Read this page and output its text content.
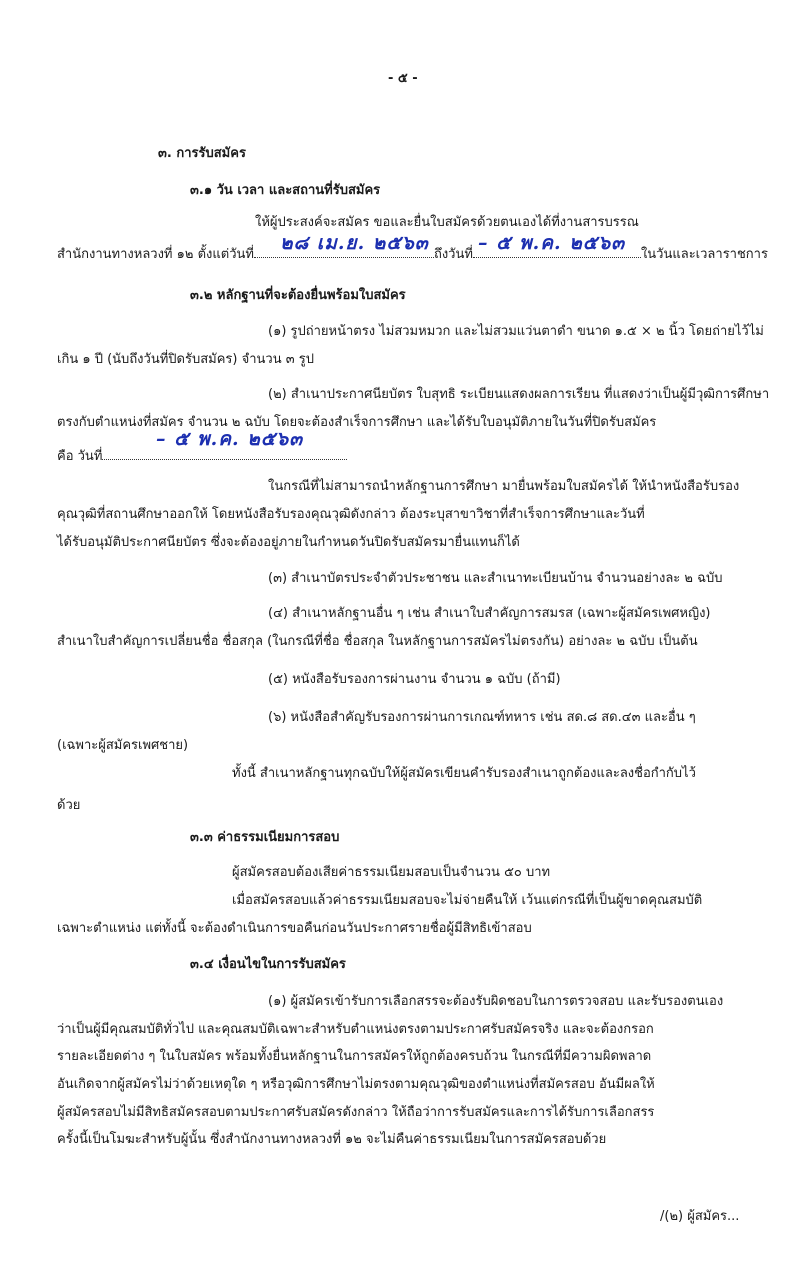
- ๕ -
๓. การรับสมัคร
๓.๑ วัน เวลา และสถานที่รับสมัคร
ให้ผู้ประสงค์จะสมัคร ขอและยื่นใบสมัครด้วยตนเองได้ที่งานสารบรรณ
สำนักงานทางหลวงที่ ๑๒ ตั้งแต่วันที่	ถึงวันที่	ในวันและเวลาราชการ
๒๘ เม.ย. ๒๕๖๓	– ๕ พ.ค. ๒๕๖๓
๓.๒ หลักฐานที่จะต้องยื่นพร้อมใบสมัคร
(๑) รูปถ่ายหน้าตรง ไม่สวมหมวก และไม่สวมแว่นตาดำ ขนาด ๑.๕ × ๒ นิ้ว โดยถ่ายไว้ไม่
เกิน ๑ ปี (นับถึงวันที่ปิดรับสมัคร) จำนวน ๓ รูป
(๒) สำเนาประกาศนียบัตร ใบสุทธิ ระเบียนแสดงผลการเรียน ที่แสดงว่าเป็นผู้มีวุฒิการศึกษา
ตรงกับตำแหน่งที่สมัคร จำนวน ๒ ฉบับ โดยจะต้องสำเร็จการศึกษา และได้รับใบอนุมัติภายในวันที่ปิดรับสมัคร
คือ วันที่
– ๕ พ.ค. ๒๕๖๓
ในกรณีที่ไม่สามารถนำหลักฐานการศึกษา มายื่นพร้อมใบสมัครได้ ให้นำหนังสือรับรอง
คุณวุฒิที่สถานศึกษาออกให้ โดยหนังสือรับรองคุณวุฒิดังกล่าว ต้องระบุสาขาวิชาที่สำเร็จการศึกษาและวันที่
ได้รับอนุมัติประกาศนียบัตร ซึ่งจะต้องอยู่ภายในกำหนดวันปิดรับสมัครมายื่นแทนก็ได้
(๓) สำเนาบัตรประจำตัวประชาชน และสำเนาทะเบียนบ้าน จำนวนอย่างละ ๒ ฉบับ
(๔) สำเนาหลักฐานอื่น ๆ เช่น สำเนาใบสำคัญการสมรส (เฉพาะผู้สมัครเพศหญิง)
สำเนาใบสำคัญการเปลี่ยนชื่อ ชื่อสกุล (ในกรณีที่ชื่อ ชื่อสกุล ในหลักฐานการสมัครไม่ตรงกัน) อย่างละ ๒ ฉบับ เป็นต้น
(๕) หนังสือรับรองการผ่านงาน จำนวน ๑ ฉบับ (ถ้ามี)
(๖) หนังสือสำคัญรับรองการผ่านการเกณฑ์ทหาร เช่น สด.๘ สด.๔๓ และอื่น ๆ
(เฉพาะผู้สมัครเพศชาย)
ทั้งนี้ สำเนาหลักฐานทุกฉบับให้ผู้สมัครเขียนคำรับรองสำเนาถูกต้องและลงชื่อกำกับไว้
ด้วย
๓.๓ ค่าธรรมเนียมการสอบ
ผู้สมัครสอบต้องเสียค่าธรรมเนียมสอบเป็นจำนวน ๕๐ บาท
เมื่อสมัครสอบแล้วค่าธรรมเนียมสอบจะไม่จ่ายคืนให้ เว้นแต่กรณีที่เป็นผู้ขาดคุณสมบัติ
เฉพาะตำแหน่ง แต่ทั้งนี้ จะต้องดำเนินการขอคืนก่อนวันประกาศรายชื่อผู้มีสิทธิเข้าสอบ
๓.๔ เงื่อนไขในการรับสมัคร
(๑) ผู้สมัครเข้ารับการเลือกสรรจะต้องรับผิดชอบในการตรวจสอบ และรับรองตนเอง
ว่าเป็นผู้มีคุณสมบัติทั่วไป และคุณสมบัติเฉพาะสำหรับตำแหน่งตรงตามประกาศรับสมัครจริง และจะต้องกรอก
รายละเอียดต่าง ๆ ในใบสมัคร พร้อมทั้งยื่นหลักฐานในการสมัครให้ถูกต้องครบถ้วน ในกรณีที่มีความผิดพลาด
อันเกิดจากผู้สมัครไม่ว่าด้วยเหตุใด ๆ หรือวุฒิการศึกษาไม่ตรงตามคุณวุฒิของตำแหน่งที่สมัครสอบ อันมีผลให้
ผู้สมัครสอบไม่มีสิทธิสมัครสอบตามประกาศรับสมัครดังกล่าว ให้ถือว่าการรับสมัครและการได้รับการเลือกสรร
ครั้งนี้เป็นโมฆะสำหรับผู้นั้น ซึ่งสำนักงานทางหลวงที่ ๑๒ จะไม่คืนค่าธรรมเนียมในการสมัครสอบด้วย
/(๒) ผู้สมัคร...
